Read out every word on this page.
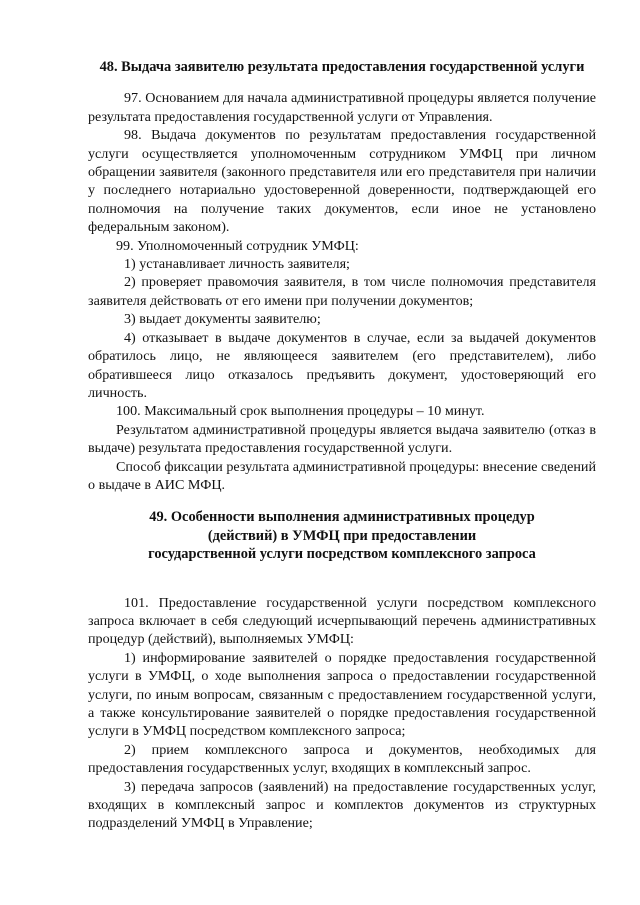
48. Выдача заявителю результата предоставления государственной услуги

97. Основанием для начала административной процедуры является получение результата предоставления государственной услуги от Управления.

98. Выдача документов по результатам предоставления государственной услуги осуществляется уполномоченным сотрудником УМФЦ при личном обращении заявителя (законного представителя или его представителя при наличии у последнего нотариально удостоверенной доверенности, подтверждающей его полномочия на получение таких документов, если иное не установлено федеральным законом).

99. Уполномоченный сотрудник УМФЦ:

1) устанавливает личность заявителя;

2) проверяет правомочия заявителя, в том числе полномочия представителя заявителя действовать от его имени при получении документов;

3) выдает документы заявителю;

4) отказывает в выдаче документов в случае, если за выдачей документов обратилось лицо, не являющееся заявителем (его представителем), либо обратившееся лицо отказалось предъявить документ, удостоверяющий его личность.

100. Максимальный срок выполнения процедуры – 10 минут.

Результатом административной процедуры является выдача заявителю (отказ в выдаче) результата предоставления государственной услуги.

Способ фиксации результата административной процедуры: внесение сведений о выдаче в АИС МФЦ.

49. Особенности выполнения административных процедур
(действий) в УМФЦ при предоставлении
государственной услуги посредством комплексного запроса

101. Предоставление государственной услуги посредством комплексного запроса включает в себя следующий исчерпывающий перечень административных процедур (действий), выполняемых УМФЦ:

1) информирование заявителей о порядке предоставления государственной услуги в УМФЦ, о ходе выполнения запроса о предоставлении государственной услуги, по иным вопросам, связанным с предоставлением государственной услуги, а также консультирование заявителей о порядке предоставления государственной услуги в УМФЦ посредством комплексного запроса;

2) прием комплексного запроса и документов, необходимых для предоставления государственных услуг, входящих в комплексный запрос.

3) передача запросов (заявлений) на предоставление государственных услуг, входящих в комплексный запрос и комплектов документов из структурных подразделений УМФЦ в Управление;
